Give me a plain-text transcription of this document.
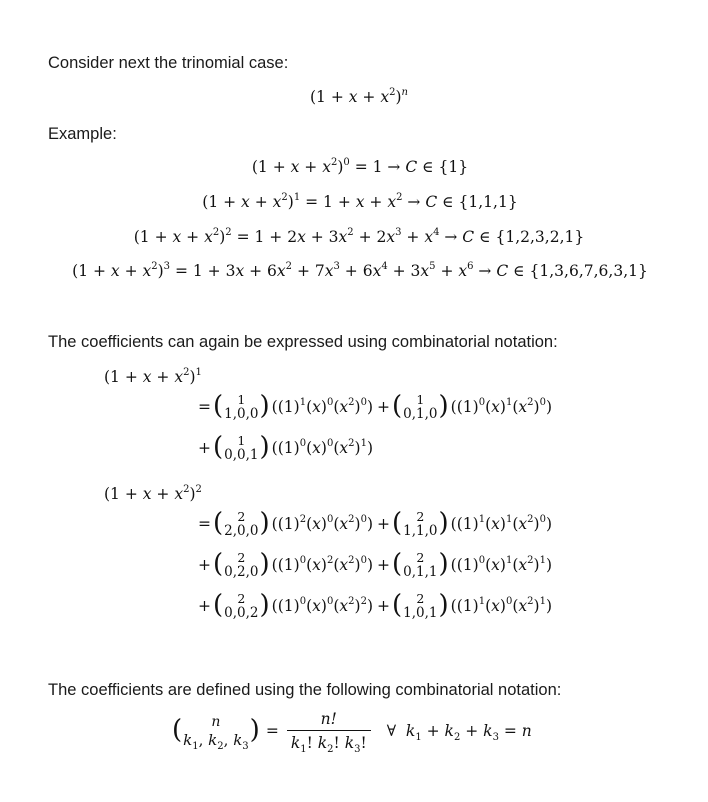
Consider next the trinomial case:
$(1 + x + x^2)^n$
Example:
$(1 + x + x^2)^0 = 1 \to C$ ∈ {1}
$(1 + x + x^2)^1 = 1 + x + x^2 \to C$ ∈ {1,1,1}
$(1 + x + x^2)^2 = 1 + 2x + 3x^2 + 2x^3 + x^4 \to C$ ∈ {1,2,3,2,1}
$(1 + x + x^2)^3 = 1 + 3x + 6x^2 + 7x^3 + 6x^4 + 3x^5 + x^6 \to C$ ∈ {1,3,6,7,6,3,1}
The coefficients can again be expressed using combinatorial notation:
$(1 + x + x^2)^1$
= ( 1
1,0,0 ) $((1)^1(x)^0(x^2)^0)$ + ( 1
0,1,0 ) $((1)^0(x)^1(x^2)^0)$
+ ( 1
0,0,1 ) $((1)^0(x)^0(x^2)^1)$
$(1 + x + x^2)^2$
= ( 2
2,0,0 ) $((1)^2(x)^0(x^2)^0)$ + ( 2
1,1,0 ) $((1)^1(x)^1(x^2)^0)$
+ ( 2
0,2,0 ) $((1)^0(x)^2(x^2)^0)$ + ( 2
0,1,1 ) $((1)^0(x)^1(x^2)^1)$
+ ( 2
0,0,2 ) $((1)^0(x)^0(x^2)^2)$ + ( 2
1,0,1 ) $((1)^1(x)^0(x^2)^1)$
The coefficients are defined using the following combinatorial notation:
( n
$k_1$, $k_2$, $k_3$
) = $\frac{n!}{k_1! k_2! k_3!}$ ∀  $k_1 + k_2 + k_3 = n$
